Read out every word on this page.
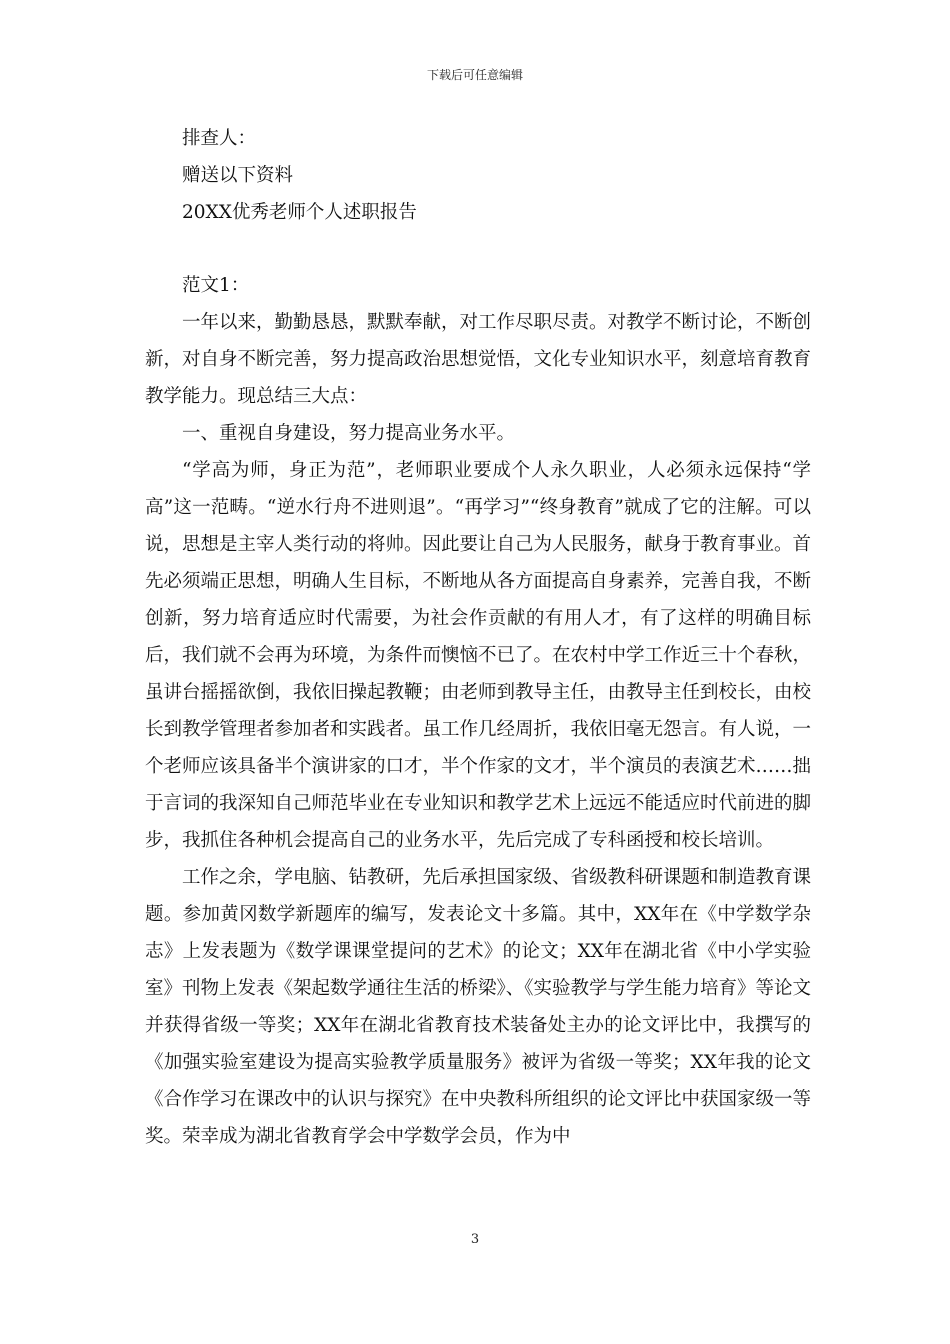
下载后可任意编辑
排查人：
赠送以下资料
20XX优秀老师个人述职报告
范文1：

一年以来，勤勤恳恳，默默奉献，对工作尽职尽责。对教学不断讨论，不断创新，对自身不断完善，努力提高政治思想觉悟，文化专业知识水平，刻意培育教育教学能力。现总结三大点：

一、重视自身建设，努力提高业务水平。

“学高为师，身正为范”，老师职业要成个人永久职业，人必须永远保持“学高”这一范畴。“逆水行舟不进则退”。“再学习”“终身教育”就成了它的注解。可以说，思想是主宰人类行动的将帅。因此要让自己为人民服务，献身于教育事业。首先必须端正思想，明确人生目标，不断地从各方面提高自身素养，完善自我，不断创新，努力培育适应时代需要，为社会作贡献的有用人才，有了这样的明确目标后，我们就不会再为环境，为条件而懊恼不已了。在农村中学工作近三十个春秋，虽讲台摇摇欲倒，我依旧操起教鞭；由老师到教导主任，由教导主任到校长，由校长到教学管理者参加者和实践者。虽工作几经周折，我依旧毫无怨言。有人说，一个老师应该具备半个演讲家的口才，半个作家的文才，半个演员的表演艺术……拙于言词的我深知自己师范毕业在专业知识和教学艺术上远远不能适应时代前进的脚步，我抓住各种机会提高自己的业务水平，先后完成了专科函授和校长培训。

工作之余，学电脑、钻教研，先后承担国家级、省级教科研课题和制造教育课题。参加黄冈数学新题库的编写，发表论文十多篇。其中，XX年在《中学数学杂志》上发表题为《数学课课堂提问的艺术》的论文；XX年在湖北省《中小学实验室》刊物上发表《架起数学通往生活的桥梁》、《实验教学与学生能力培育》等论文并获得省级一等奖；XX年在湖北省教育技术装备处主办的论文评比中，我撰写的《加强实验室建设为提高实验教学质量服务》被评为省级一等奖；XX年我的论文《合作学习在课改中的认识与探究》在中央教科所组织的论文评比中获国家级一等奖。荣幸成为湖北省教育学会中学数学会员，作为中

3
